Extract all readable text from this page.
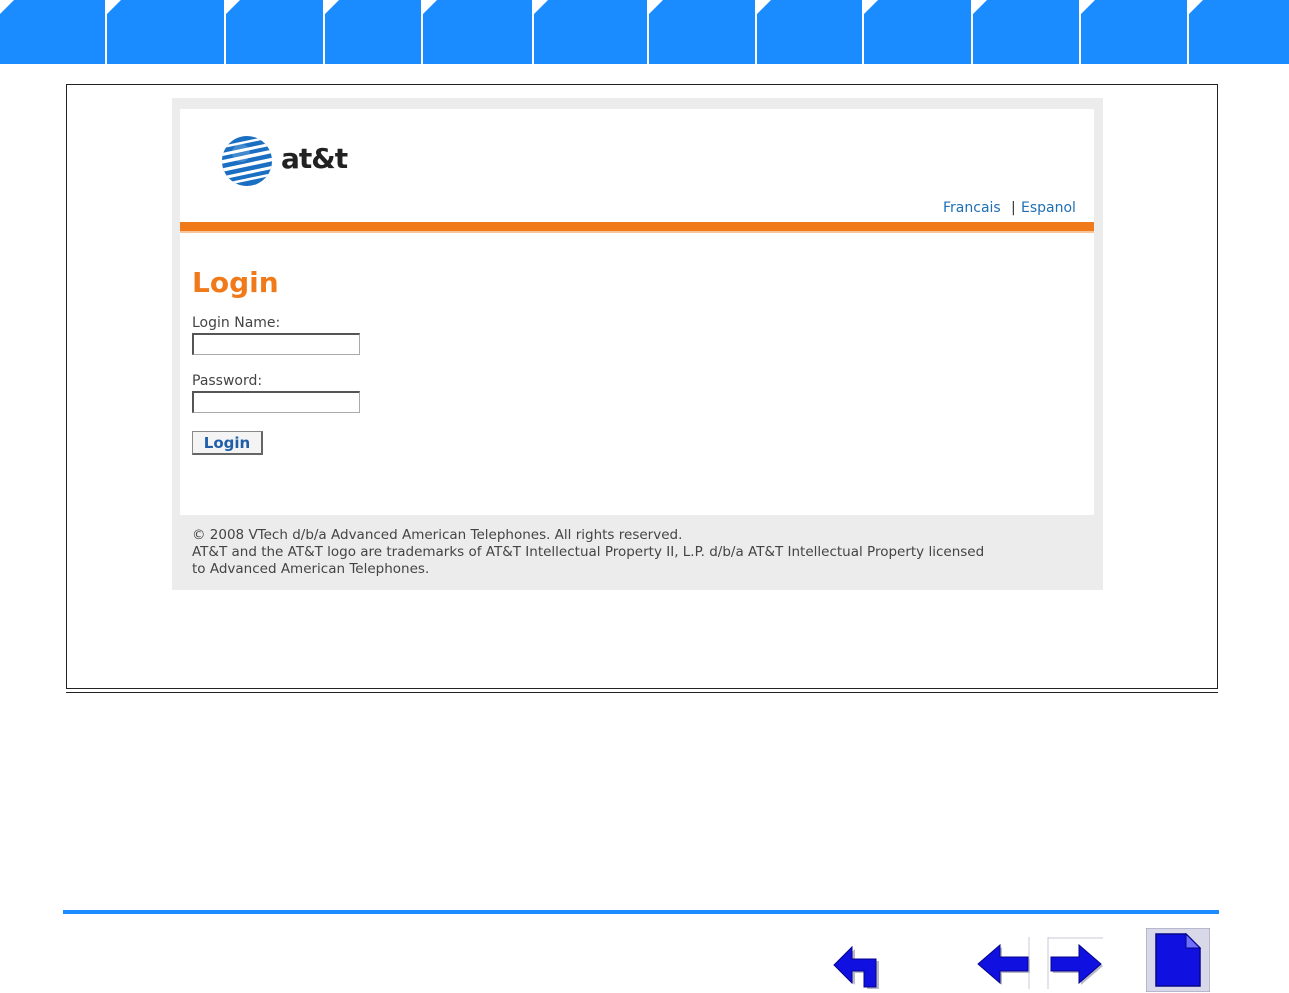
at&t
Francais | Espanol
Login
Login Name:
Password:
Login
© 2008 VTech d/b/a Advanced American Telephones. All rights reserved.
AT&T and the AT&T logo are trademarks of AT&T Intellectual Property II, L.P. d/b/a AT&T Intellectual Property licensed
to Advanced American Telephones.
